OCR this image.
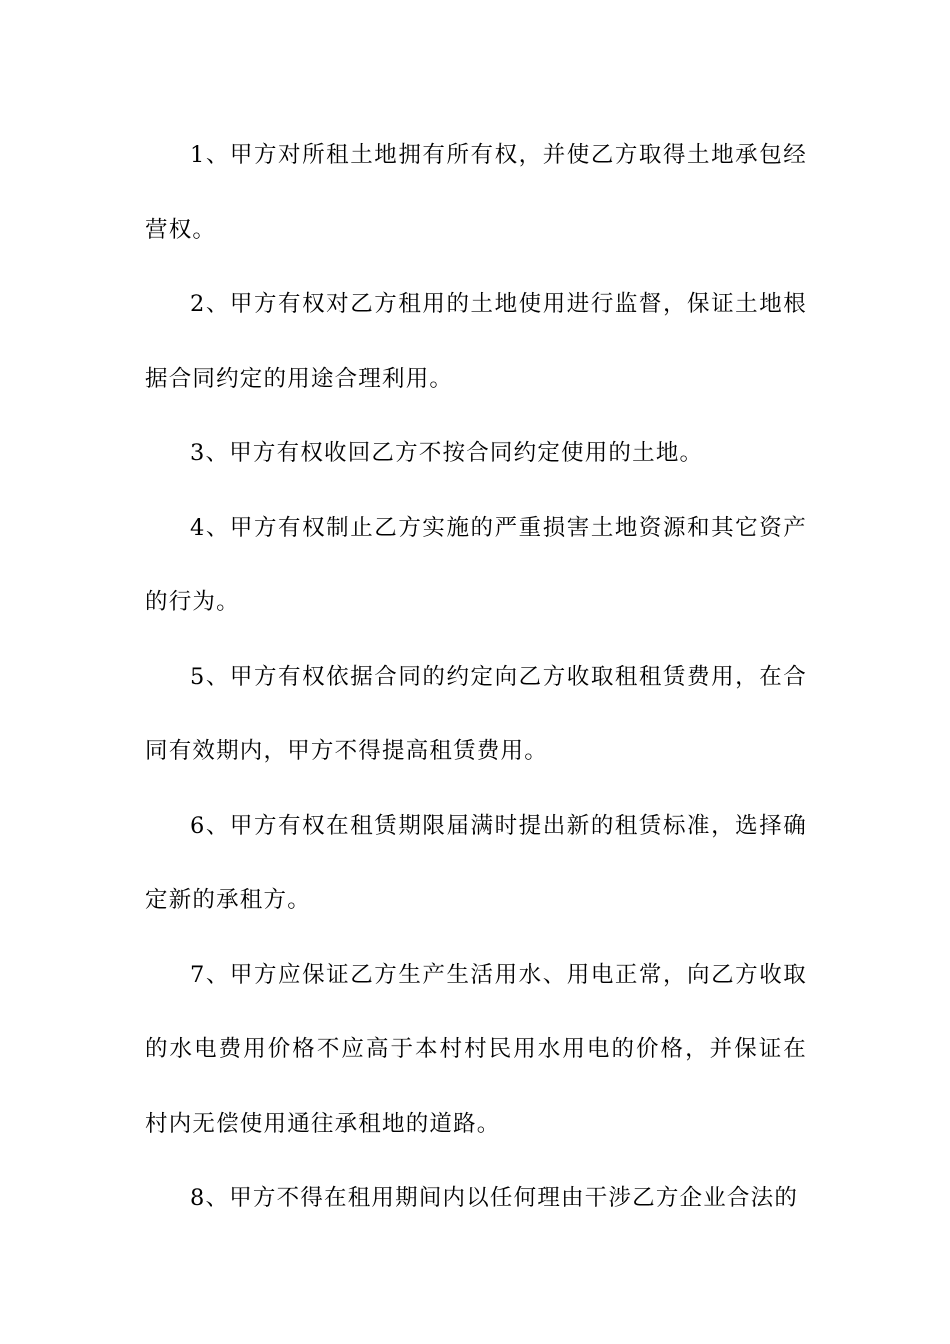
1、甲方对所租土地拥有所有权，并使乙方取得土地承包经营权。

2、甲方有权对乙方租用的土地使用进行监督，保证土地根据合同约定的用途合理利用。

3、甲方有权收回乙方不按合同约定使用的土地。

4、甲方有权制止乙方实施的严重损害土地资源和其它资产的行为。

5、甲方有权依据合同的约定向乙方收取租租赁费用，在合同有效期内，甲方不得提高租赁费用。

6、甲方有权在租赁期限届满时提出新的租赁标准，选择确定新的承租方。

7、甲方应保证乙方生产生活用水、用电正常，向乙方收取的水电费用价格不应高于本村村民用水用电的价格，并保证在村内无偿使用通往承租地的道路。

8、甲方不得在租用期间内以任何理由干涉乙方企业合法的
